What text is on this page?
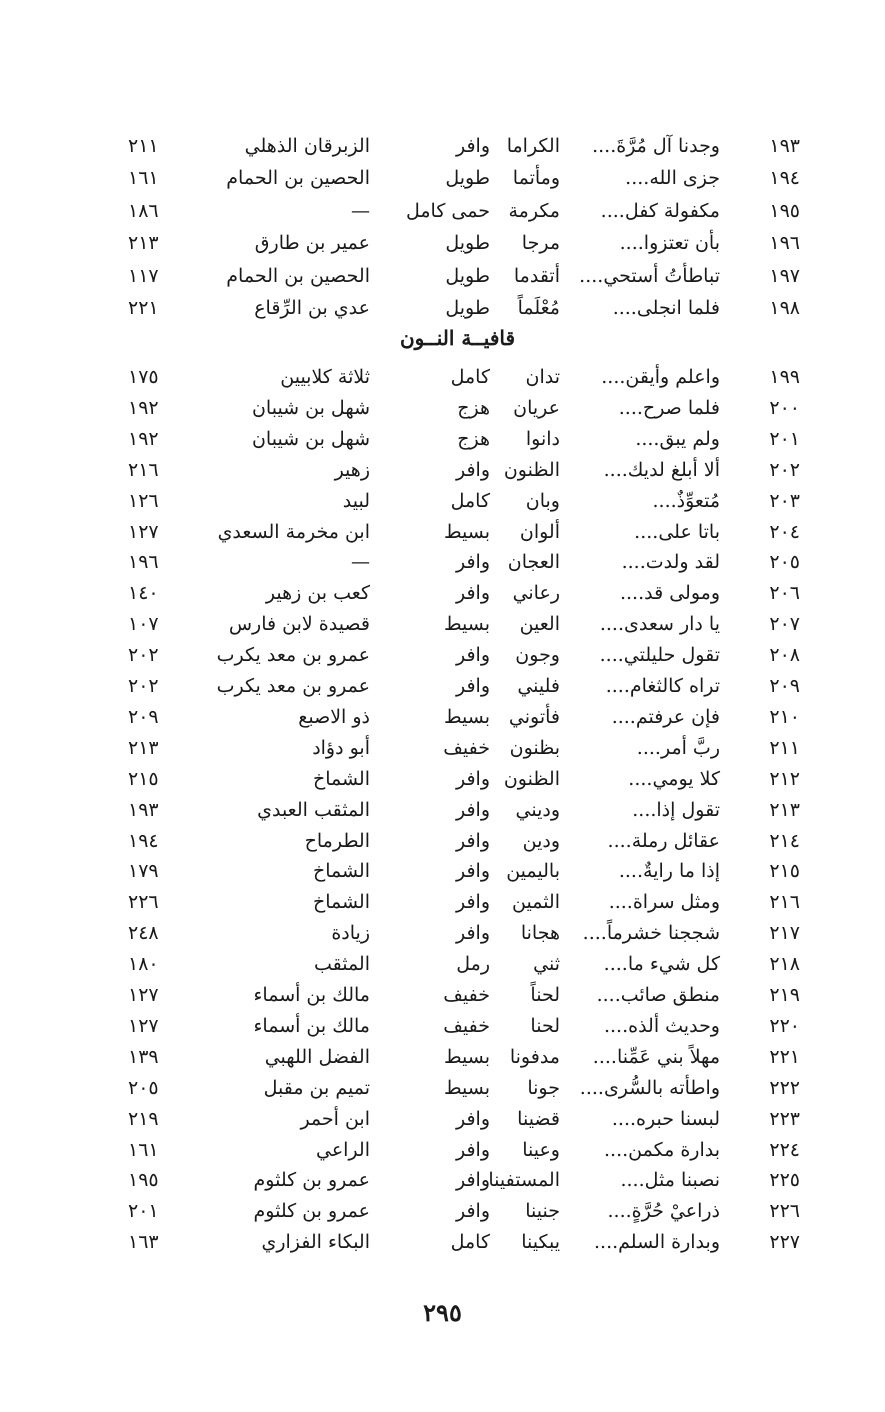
١٩٣
وجدنا آل مُرَّةَ....
الكراما
وافر
الزبرقان الذهلي
٢١١
١٩٤
جزى الله....
ومأتما
طويل
الحصين بن الحمام
١٦١
١٩٥
مكفولة كفل....
مكرمة
حمى كامل
—
١٨٦
١٩٦
بأن تعتزوا....
مرجا
طويل
عمير بن طارق
٢١٣
١٩٧
تباطأتُ أستحي....
أتقدما
طويل
الحصين بن الحمام
١١٧
١٩٨
فلما انجلى....
مُعْلَماً
طويل
عدي بن الرِّقاع
٢٢١
قافيــة النــون
١٩٩
واعلم وأيقن....
تدان
كامل
ثلاثة كلابيين
١٧٥
٢٠٠
فلما صرح....
عريان
هزج
شهل بن شيبان
١٩٢
٢٠١
ولم يبق....
دانوا
هزج
شهل بن شيبان
١٩٢
٢٠٢
ألا أبلغ لديك....
الظنون
وافر
زهير
٢١٦
٢٠٣
مُتعوِّذٌ....
وبان
كامل
لبيد
١٢٦
٢٠٤
باتا على....
ألوان
بسيط
ابن مخرمة السعدي
١٢٧
٢٠٥
لقد ولدت....
العجان
وافر
—
١٩٦
٢٠٦
ومولى قد....
رعاني
وافر
كعب بن زهير
١٤٠
٢٠٧
يا دار سعدى....
العين
بسيط
قصيدة لابن فارس
١٠٧
٢٠٨
تقول حليلتي....
وجون
وافر
عمرو بن معد يكرب
٢٠٢
٢٠٩
تراه كالثغام....
فليني
وافر
عمرو بن معد يكرب
٢٠٢
٢١٠
فإن عرفتم....
فأتوني
بسيط
ذو الاصبع
٢٠٩
٢١١
ربَّ أمر....
بظنون
خفيف
أبو دؤاد
٢١٣
٢١٢
كلا يومي....
الظنون
وافر
الشماخ
٢١٥
٢١٣
تقول إذا....
وديني
وافر
المثقب العبدي
١٩٣
٢١٤
عقائل رملة....
ودين
وافر
الطرماح
١٩٤
٢١٥
إذا ما رايةٌ....
باليمين
وافر
الشماخ
١٧٩
٢١٦
ومثل سراة....
الثمين
وافر
الشماخ
٢٢٦
٢١٧
شججنا خشرماً....
هجانا
وافر
زيادة
٢٤٨
٢١٨
كل شيء ما....
ثني
رمل
المثقب
١٨٠
٢١٩
منطق صائب....
لحناً
خفيف
مالك بن أسماء
١٢٧
٢٢٠
وحديث ألذه....
لحنا
خفيف
مالك بن أسماء
١٢٧
٢٢١
مهلاً بني عَمِّنا....
مدفونا
بسيط
الفضل اللهبي
١٣٩
٢٢٢
واطأته بالسُّرى....
جونا
بسيط
تميم بن مقبل
٢٠٥
٢٢٣
لبسنا حبره....
قضينا
وافر
ابن أحمر
٢١٩
٢٢٤
بدارة مكمن....
وعينا
وافر
الراعي
١٦١
٢٢٥
نصبنا مثل....
المستفينا
وافر
عمرو بن كلثوم
١٩٥
٢٢٦
ذراعيْ حُرَّةٍ....
جنينا
وافر
عمرو بن كلثوم
٢٠١
٢٢٧
وبدارة السلم....
يبكينا
كامل
البكاء الفزاري
١٦٣
٢٩٥
